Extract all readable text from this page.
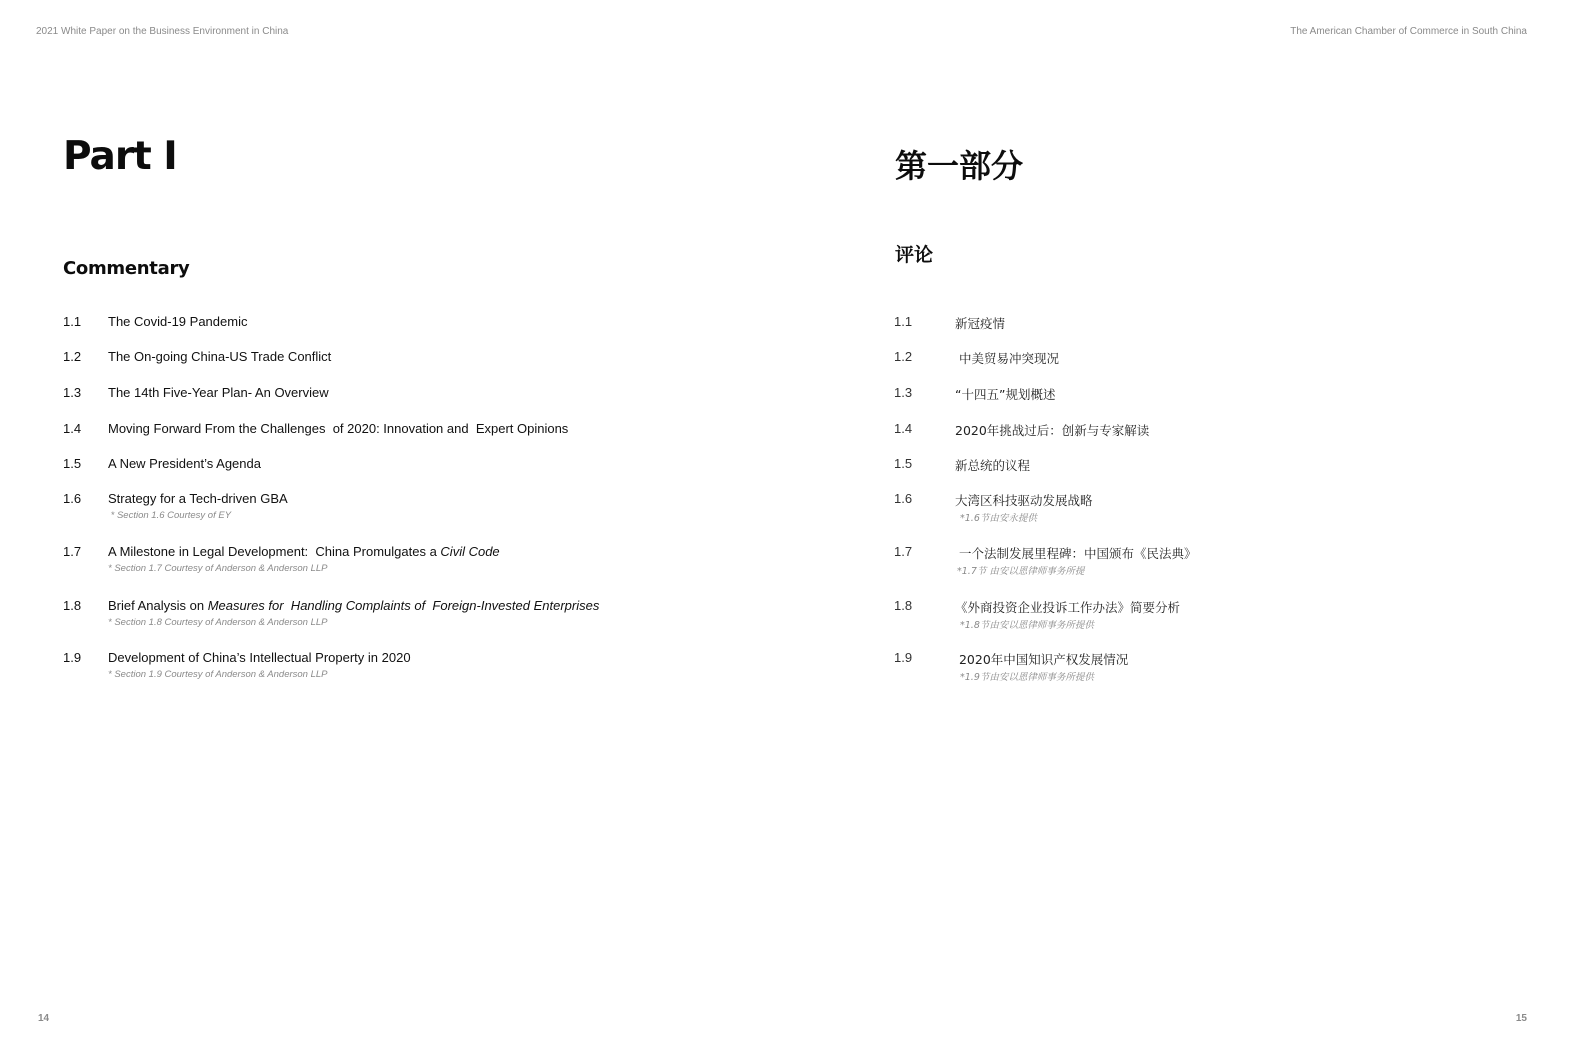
2021 White Paper on the Business Environment in China	The American Chamber of Commerce in South China
Part I	第一部分
Commentary
评论
1.1 The Covid-19 Pandemic
1.2 The On-going China-US Trade Conflict
1.3 The 14th Five-Year Plan- An Overview
1.4 Moving Forward From the Challenges  of 2020: Innovation and  Expert Opinions
1.5 A New President’s Agenda
1.6 Strategy for a Tech-driven GBA
* Section 1.6 Courtesy of EY
1.7 A Milestone in Legal Development:  China Promulgates a Civil Code
* Section 1.7 Courtesy of Anderson & Anderson LLP
1.8 Brief Analysis on Measures for  Handling Complaints of  Foreign-Invested Enterprises
* Section 1.8 Courtesy of Anderson & Anderson LLP
1.9 Development of China’s Intellectual Property in 2020
* Section 1.9 Courtesy of Anderson & Anderson LLP
1.1	新冠疫情
1.2	中美贸易冲突现况
1.3	“十四五”规划概述
1.4	2020年挑战过后：创新与专家解读
1.5	新总统的议程
1.6	大湾区科技驱动发展战略
*1.6节由安永提供
1.7	一个法制发展里程碑：中国颁布《民法典》
*1.7节 由安以恩律师事务所提
1.8	《外商投资企业投诉工作办法》简要分析
*1.8节由安以恩律师事务所提供
1.9	2020年中国知识产权发展情况
*1.9节由安以恩律师事务所提供
14	15
